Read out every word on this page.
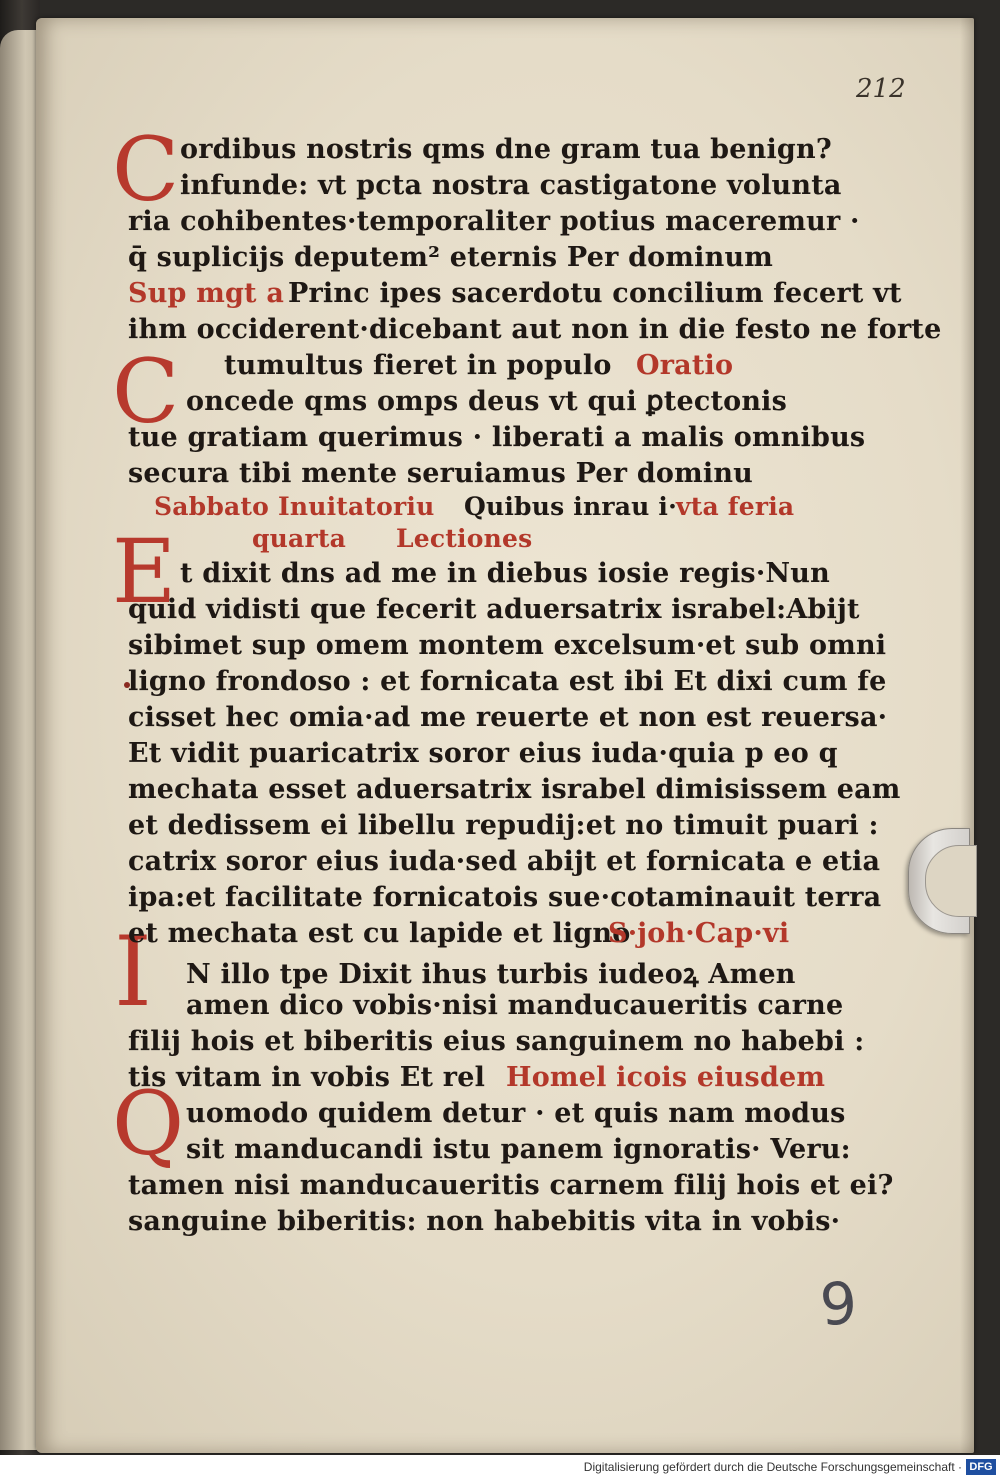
212
C
C
E
I
Q
ordibus nostris qms dne gram tua benign?
infunde: vt pcta nostra castigatone volunta
ria cohibentes·temporaliter potius maceremur ·
q̄ suplicijs deputem² eternis Per dominum
Sup mgt a Princ ipes sacerdotu concilium fecert vt
ihm occiderent·dicebant aut non in die festo ne forte
tumultus fieret in populo Oratio
oncede qms omps deus vt qui ꝑtectonis
tue gratiam querimus · liberati a malis omnibus
secura tibi mente seruiamus Per dominu
Sabbato Inuitatoriu Quibus inrau i·
vta feria
quarta Lectiones
t dixit dns ad me in diebus iosie regis·Nun
quid vidisti que fecerit aduersatrix israbel:Abijt
sibimet sup omem montem excelsum·et sub omni
ligno frondoso : et fornicata est ibi Et dixi cum fe
cisset hec omia·ad me reuerte et non est reuersa·
Et vidit puaricatrix soror eius iuda·quia p eo q
mechata esset aduersatrix israbel dimisissem eam
et dedissem ei libellu repudij:et no timuit puari :
catrix soror eius iuda·sed abijt et fornicata e etia
ipa:et facilitate fornicatois sue·cotaminauit terra
et mechata est cu lapide et ligno
S·joh·Cap·vi
N illo tpe Dixit ihus turbis iudeoꝝ Amen
amen dico vobis·nisi manducaueritis carne
filij hois et biberitis eius sanguinem no habebi :
tis vitam in vobis Et rel Homel icois eiusdem
uomodo quidem detur · et quis nam modus
sit manducandi istu panem ignoratis· Veru:
tamen nisi manducaueritis carnem filij hois et ei?
sanguine biberitis: non habebitis vita in vobis·
9
Digitalisierung gefördert durch die Deutsche Forschungsgemeinschaft · DFG
